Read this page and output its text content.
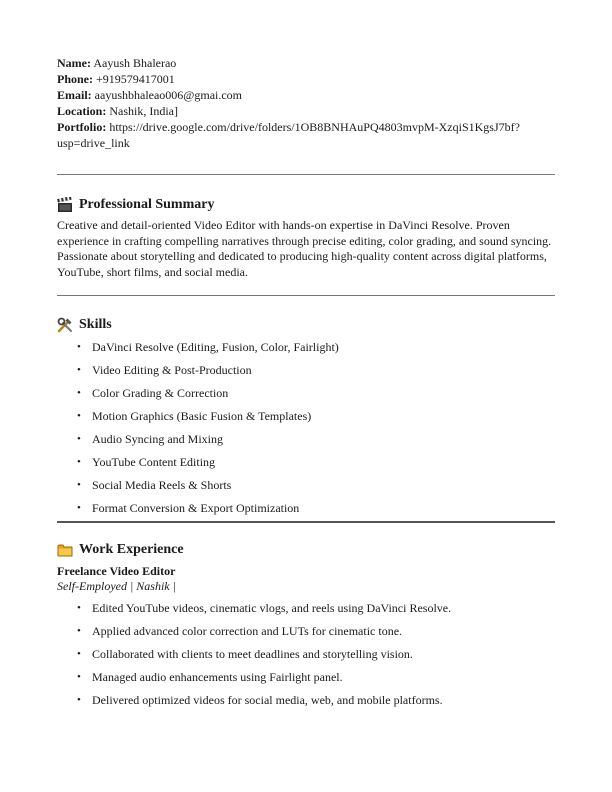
Name: Aayush Bhalerao

Phone: +919579417001

Email: aayushbhaleao006@gmai.com

Location: Nashik, India]

Portfolio: https://drive.google.com/drive/folders/1OB8BNHAuPQ4803mvpM-XzqiS1KgsJ7bf?

usp=drive_link

Professional Summary

Creative and detail-oriented Video Editor with hands-on expertise in DaVinci Resolve. Proven

experience in crafting compelling narratives through precise editing, color grading, and sound syncing.

Passionate about storytelling and dedicated to producing high-quality content across digital platforms,

YouTube, short films, and social media.

Skills
• DaVinci Resolve (Editing, Fusion, Color, Fairlight)
• Video Editing & Post-Production
• Color Grading & Correction
• Motion Graphics (Basic Fusion & Templates)
• Audio Syncing and Mixing
• YouTube Content Editing
• Social Media Reels & Shorts
• Format Conversion & Export Optimization
Work Experience

Freelance Video Editor

Self-Employed | Nashik |

• Edited YouTube videos, cinematic vlogs, and reels using DaVinci Resolve.
• Applied advanced color correction and LUTs for cinematic tone.
• Collaborated with clients to meet deadlines and storytelling vision.
• Managed audio enhancements using Fairlight panel.
• Delivered optimized videos for social media, web, and mobile platforms.
